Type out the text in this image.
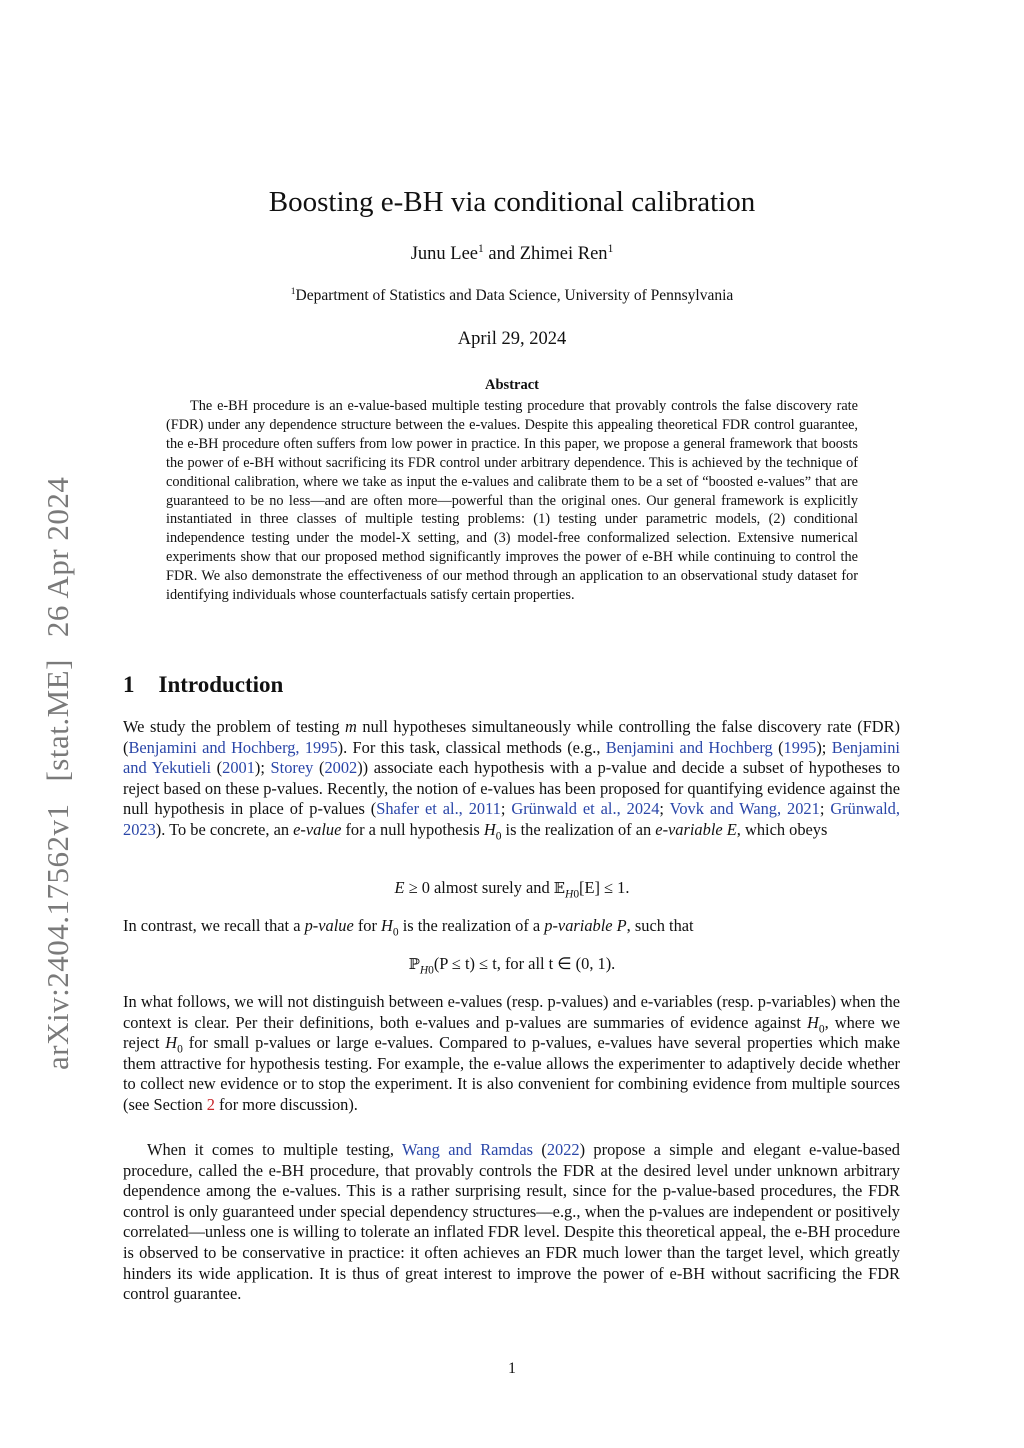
arXiv:2404.17562v1[stat.ME]26 Apr 2024
Boosting e-BH via conditional calibration
Junu Lee$^1$ and Zhimei Ren$^1$
$^1$Department of Statistics and Data Science, University of Pennsylvania
April 29, 2024
Abstract
The e-BH procedure is an e-value-based multiple testing procedure that provably controls the false discovery rate (FDR) under any dependence structure between the e-values. Despite this appealing theoretical FDR control guarantee, the e-BH procedure often suffers from low power in practice. In this paper, we propose a general framework that boosts the power of e-BH without sacrificing its FDR control under arbitrary dependence. This is achieved by the technique of conditional calibration, where we take as input the e-values and calibrate them to be a set of “boosted e-values” that are guaranteed to be no less—and are often more—powerful than the original ones. Our general framework is explicitly instantiated in three classes of multiple testing problems: (1) testing under parametric models, (2) conditional independence testing under the model-X setting, and (3) model-free conformalized selection. Extensive numerical experiments show that our proposed method significantly improves the power of e-BH while continuing to control the FDR. We also demonstrate the effectiveness of our method through an application to an observational study dataset for identifying individuals whose counterfactuals satisfy certain properties.
1 Introduction
We study the problem of testing m null hypotheses simultaneously while controlling the false discovery rate (FDR) (Benjamini and Hochberg, 1995). For this task, classical methods (e.g., Benjamini and Hochberg (1995); Benjamini and Yekutieli (2001); Storey (2002)) associate each hypothesis with a p-value and decide a subset of hypotheses to reject based on these p-values. Recently, the notion of e-values has been proposed for quantifying evidence against the null hypothesis in place of p-values (Shafer et al., 2011; Grünwald et al., 2024; Vovk and Wang, 2021; Grünwald, 2023). To be concrete, an e-value for a null hypothesis $H_0$ is the realization of an e-variable E, which obeys
E ≥ 0 almost surely and 𝔼$_{H0}$[E] ≤ 1.
In contrast, we recall that a p-value for $H_0$ is the realization of a p-variable P, such that
ℙ$_{H0}$(P ≤ t) ≤ t, for all t ∈ (0, 1).
In what follows, we will not distinguish between e-values (resp. p-values) and e-variables (resp. p-variables) when the context is clear. Per their definitions, both e-values and p-values are summaries of evidence against $H_0$, where we reject $H_0$ for small p-values or large e-values. Compared to p-values, e-values have several properties which make them attractive for hypothesis testing. For example, the e-value allows the experimenter to adaptively decide whether to collect new evidence or to stop the experiment. It is also convenient for combining evidence from multiple sources (see Section 2 for more discussion).
When it comes to multiple testing, Wang and Ramdas (2022) propose a simple and elegant e-value-based procedure, called the e-BH procedure, that provably controls the FDR at the desired level under unknown arbitrary dependence among the e-values. This is a rather surprising result, since for the p-value-based procedures, the FDR control is only guaranteed under special dependency structures—e.g., when the p-values are independent or positively correlated—unless one is willing to tolerate an inflated FDR level. Despite this theoretical appeal, the e-BH procedure is observed to be conservative in practice: it often achieves an FDR much lower than the target level, which greatly hinders its wide application. It is thus of great interest to improve the power of e-BH without sacrificing the FDR control guarantee.
1
